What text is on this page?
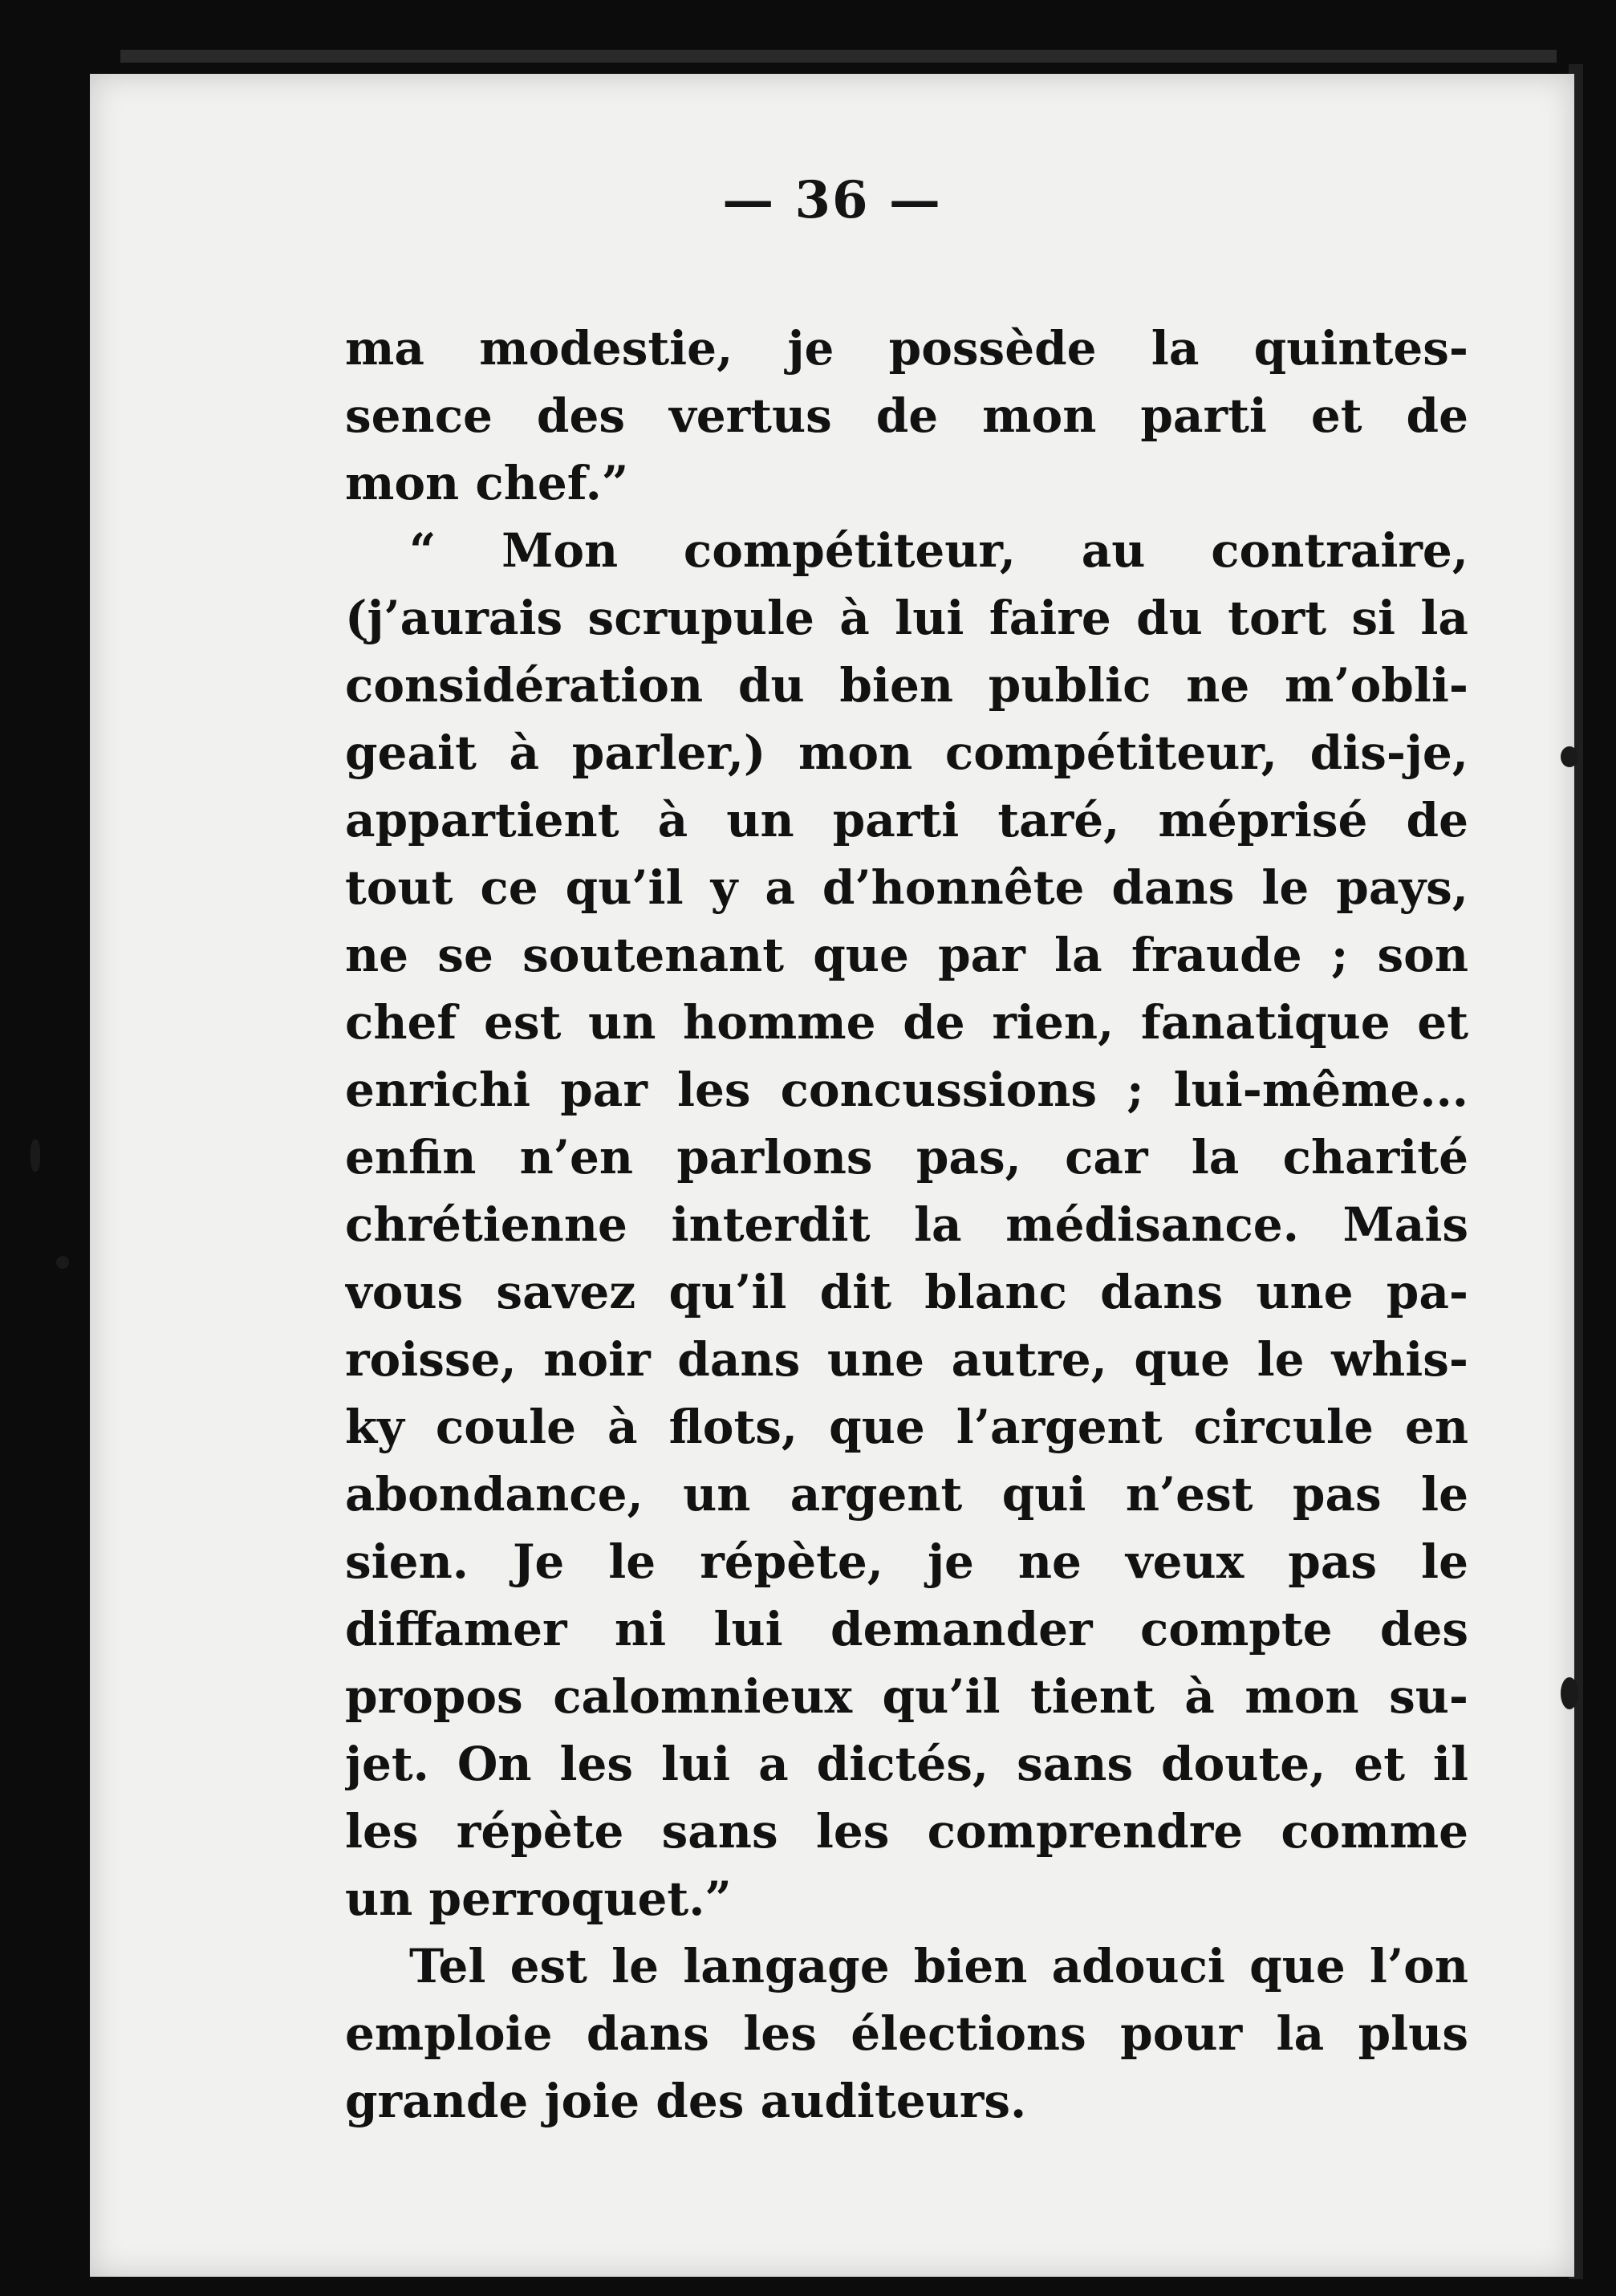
— 36 —
ma modestie, je possède la quintes-
sence des vertus de mon parti et de
mon chef.”
“ Mon compétiteur, au contraire,
(j’aurais scrupule à lui faire du tort si la
considération du bien public ne m’obli-
geait à parler,) mon compétiteur, dis-je,
appartient à un parti taré, méprisé de
tout ce qu’il y a d’honnête dans le pays,
ne se soutenant que par la fraude ; son
chef est un homme de rien, fanatique et
enrichi par les concussions ; lui-même...
enfin n’en parlons pas, car la charité
chrétienne interdit la médisance. Mais
vous savez qu’il dit blanc dans une pa-
roisse, noir dans une autre, que le whis-
ky coule à flots, que l’argent circule en
abondance, un argent qui n’est pas le
sien. Je le répète, je ne veux pas le
diffamer ni lui demander compte des
propos calomnieux qu’il tient à mon su-
jet. On les lui a dictés, sans doute, et il
les répète sans les comprendre comme
un perroquet.”
Tel est le langage bien adouci que l’on
emploie dans les élections pour la plus
grande joie des auditeurs.
